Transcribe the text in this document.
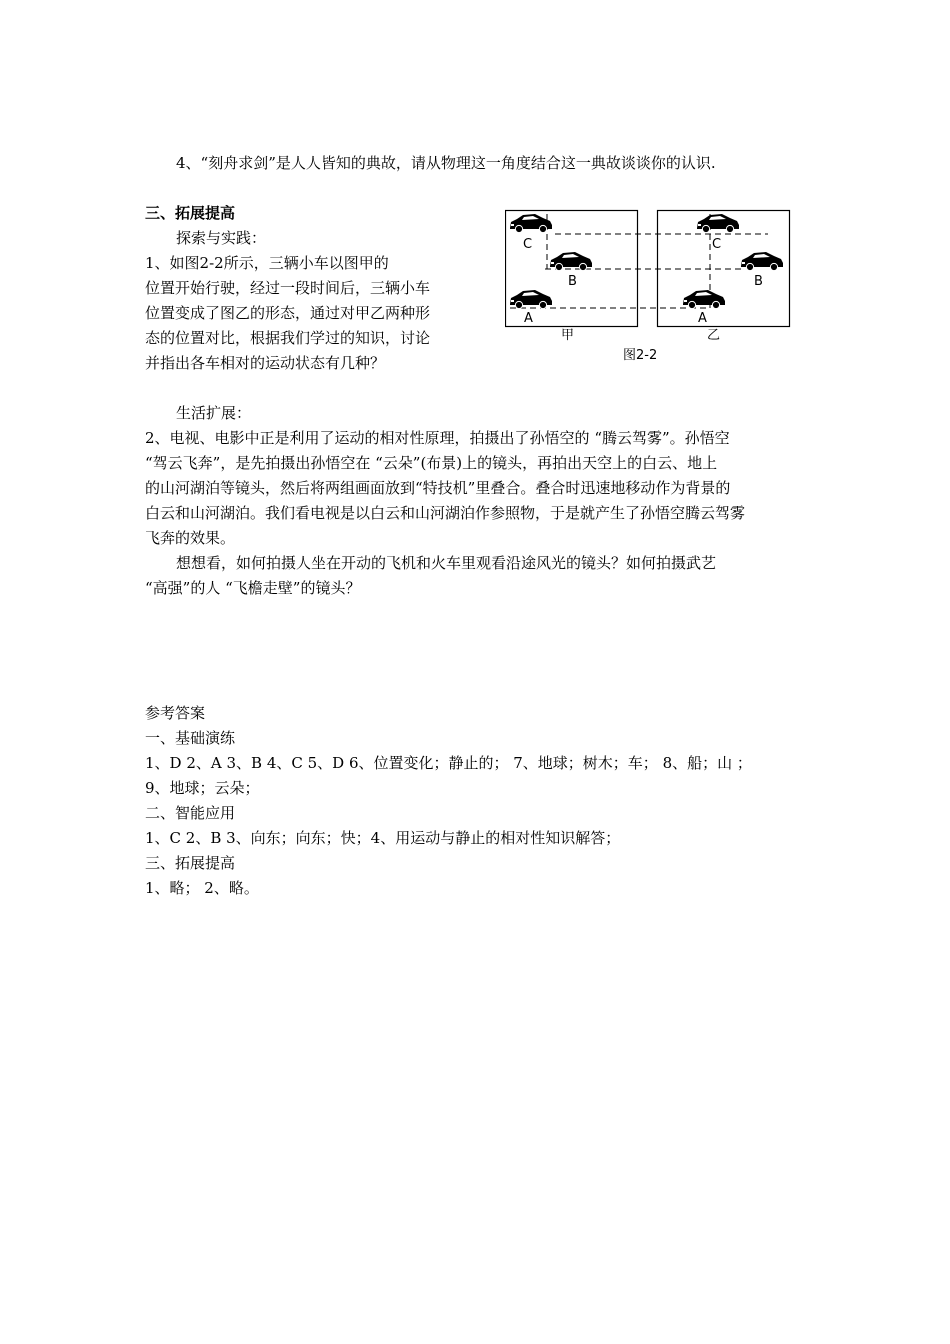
4、“刻舟求剑”是人人皆知的典故，请从物理这一角度结合这一典故谈谈你的认识.
三、拓展提高
探索与实践：
1、如图2-2所示，三辆小车以图甲的
位置开始行驶，经过一段时间后，三辆小车
位置变成了图乙的形态，通过对甲乙两种形
态的位置对比，根据我们学过的知识，讨论
并指出各车相对的运动状态有几种？
C
B
A
C
B
A
甲	乙
图2-2
生活扩展：
2、电视、电影中正是利用了运动的相对性原理，拍摄出了孙悟空的 “腾云驾雾”。孙悟空
“驾云飞奔”，是先拍摄出孙悟空在 “云朵”(布景)上的镜头，再拍出天空上的白云、地上
的山河湖泊等镜头，然后将两组画面放到“特技机”里叠合。叠合时迅速地移动作为背景的
白云和山河湖泊。我们看电视是以白云和山河湖泊作参照物，于是就产生了孙悟空腾云驾雾
飞奔的效果。
想想看，如何拍摄人坐在开动的飞机和火车里观看沿途风光的镜头？如何拍摄武艺
“高强”的人 “飞檐走壁”的镜头？
参考答案
一、基础演练
1、D 2、A 3、B 4、C 5、D 6、位置变化；静止的； 7、地球；树木；车； 8、船；山 ；
9、地球；云朵；
二、智能应用
1、C 2、B 3、向东；向东；快；4、用运动与静止的相对性知识解答；
三、拓展提高
1、略； 2、略。
